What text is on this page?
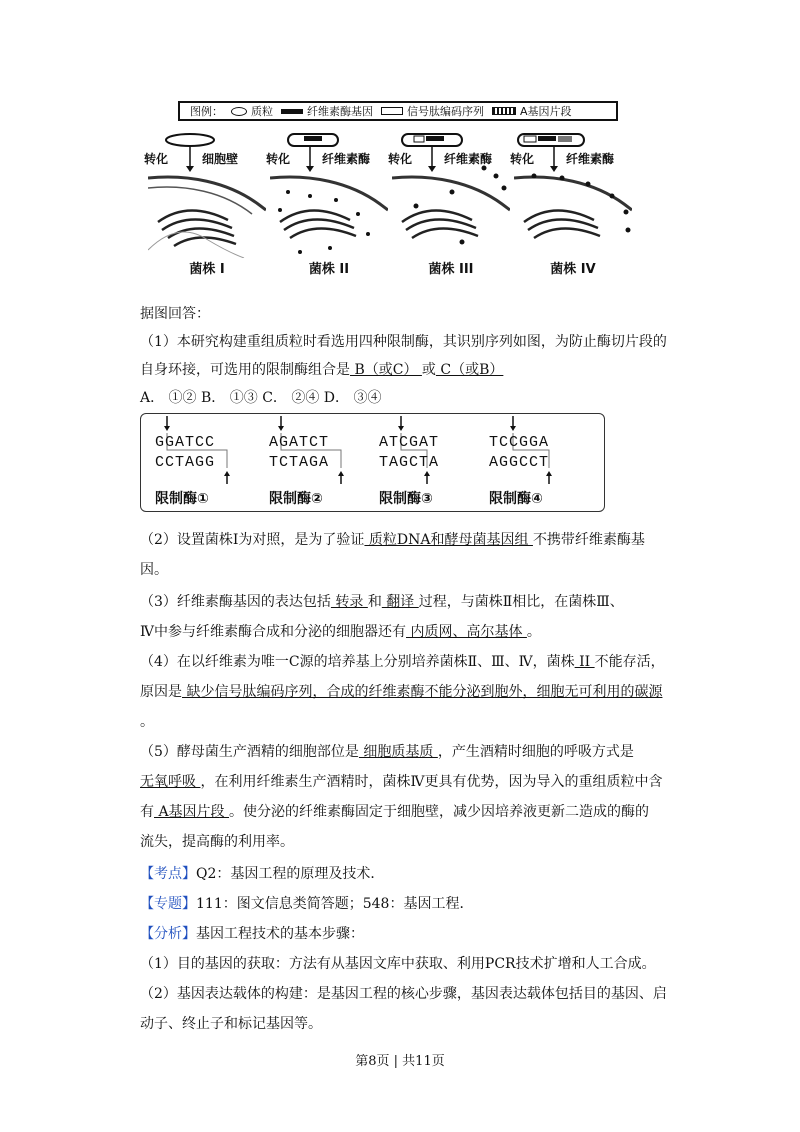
图例：	质粒	纤维素酶基因	信号肽编码序列	A基因片段
转化	细胞壁
菌株 I
转化	纤维素酶
菌株 II
转化	纤维素酶
菌株 III
转化	纤维素酶
菌株 IV
据图回答：
（1）本研究构建重组质粒时看选用四种限制酶，其识别序列如图，为防止酶切片段的
自身环接，可选用的限制酶组合是 B（或C） 或 C（或B）
A． ①② B． ①③ C． ②④ D． ③④
GGATCC
CCTAGG
限制酶①
AGATCT
TCTAGA
限制酶②
ATCGAT
TAGCTA
限制酶③
TCCGGA
AGGCCT
限制酶④
（2）设置菌株Ⅰ为对照，是为了验证 质粒DNA和酵母菌基因组 不携带纤维素酶基
因。
（3）纤维素酶基因的表达包括 转录 和 翻译 过程，与菌株Ⅱ相比，在菌株Ⅲ、
Ⅳ中参与纤维素酶合成和分泌的细胞器还有 内质网、高尔基体 。
（4）在以纤维素为唯一C源的培养基上分别培养菌株Ⅱ、Ⅲ、Ⅳ，菌株 II 不能存活，
原因是 缺少信号肽编码序列，合成的纤维素酶不能分泌到胞外，细胞无可利用的碳源
。
（5）酵母菌生产酒精的细胞部位是 细胞质基质 ，产生酒精时细胞的呼吸方式是
无氧呼吸 ，在利用纤维素生产酒精时，菌株Ⅳ更具有优势，因为导入的重组质粒中含
有 A基因片段 。使分泌的纤维素酶固定于细胞壁，减少因培养液更新二造成的酶的
流失，提高酶的利用率。
【考点】Q2：基因工程的原理及技术．
【专题】111：图文信息类简答题；548：基因工程．
【分析】基因工程技术的基本步骤：
（1）目的基因的获取：方法有从基因文库中获取、利用PCR技术扩增和人工合成。
（2）基因表达载体的构建：是基因工程的核心步骤，基因表达载体包括目的基因、启
动子、终止子和标记基因等。
第8页 | 共11页
